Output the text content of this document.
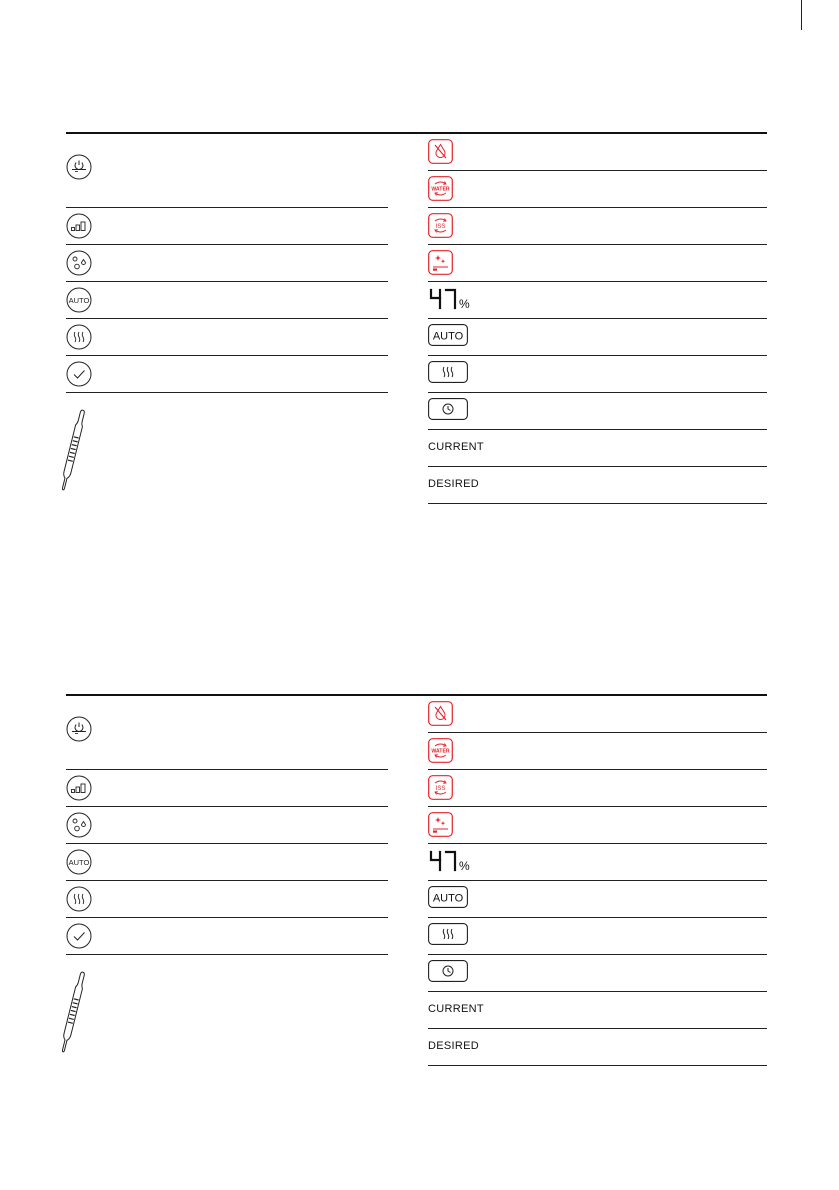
AUTO
WATER
ISS
%
AUTO
CURRENT
DESIRED
AUTO
WATER
ISS
%
AUTO
CURRENT
DESIRED
